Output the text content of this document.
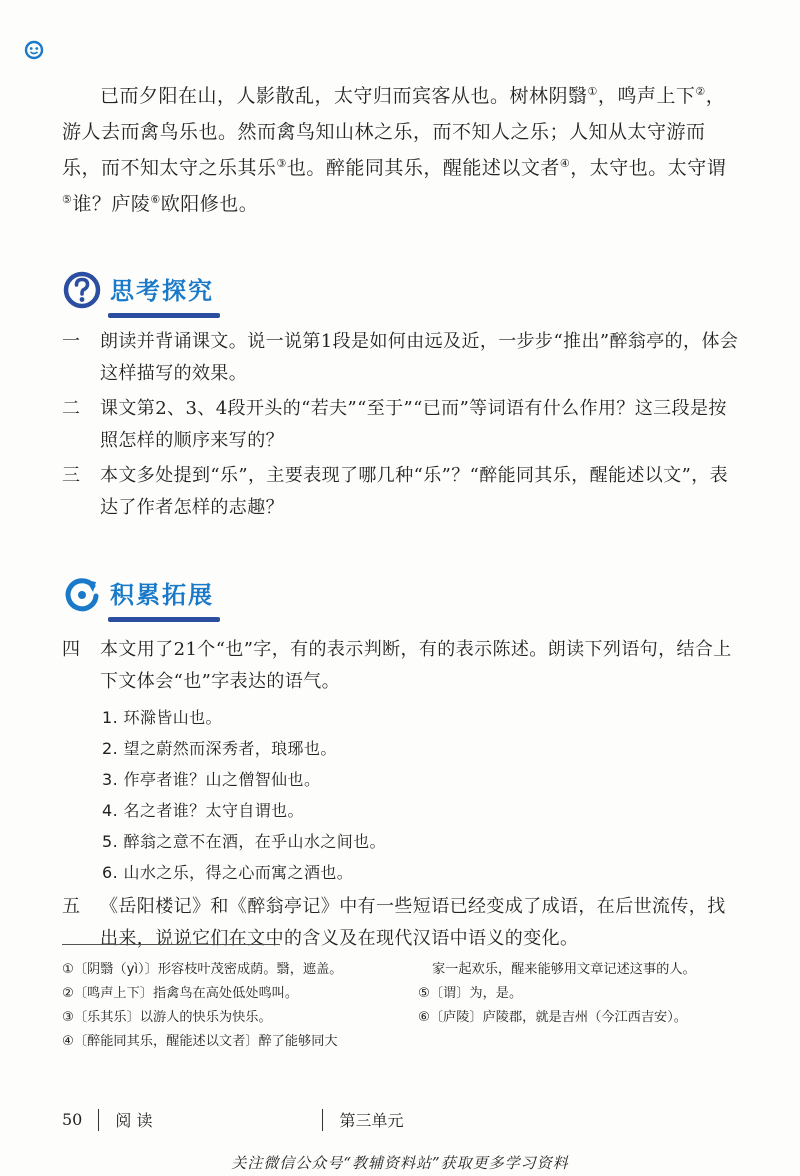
已而夕阳在山，人影散乱，太守归而宾客从也。树林阴翳①，鸣声上下②，游人去而禽鸟乐也。然而禽鸟知山林之乐，而不知人之乐；人知从太守游而乐，而不知太守之乐其乐③也。醉能同其乐，醒能述以文者④，太守也。太守谓⑤谁？庐陵⑥欧阳修也。

思考探究
一	朗读并背诵课文。说一说第1段是如何由远及近，一步步“推出”醉翁亭的，体会这样描写的效果。
二	课文第2、3、4段开头的“若夫”“至于”“已而”等词语有什么作用？这三段是按照怎样的顺序来写的？
三	本文多处提到“乐”，主要表现了哪几种“乐”？“醉能同其乐，醒能述以文”，表达了作者怎样的志趣？
积累拓展
四	本文用了21个“也”字，有的表示判断，有的表示陈述。朗读下列语句，结合上下文体会“也”字表达的语气。
1. 环滁皆山也。
2. 望之蔚然而深秀者，琅琊也。
3. 作亭者谁？山之僧智仙也。
4. 名之者谁？太守自谓也。
5. 醉翁之意不在酒，在乎山水之间也。
6. 山水之乐，得之心而寓之酒也。
五	《岳阳楼记》和《醉翁亭记》中有一些短语已经变成了成语，在后世流传，找出来，说说它们在文中的含义及在现代汉语中语义的变化。
①〔阴翳（yì）〕形容枝叶茂密成荫。翳，遮盖。
②〔鸣声上下〕指禽鸟在高处低处鸣叫。
③〔乐其乐〕以游人的快乐为快乐。
④〔醉能同其乐，醒能述以文者〕醉了能够同大
家一起欢乐，醒来能够用文章记述这事的人。
⑤〔谓〕为，是。
⑥〔庐陵〕庐陵郡，就是吉州（今江西吉安）。
50 阅 读	第三单元
关注微信公众号“教辅资料站”获取更多学习资料
